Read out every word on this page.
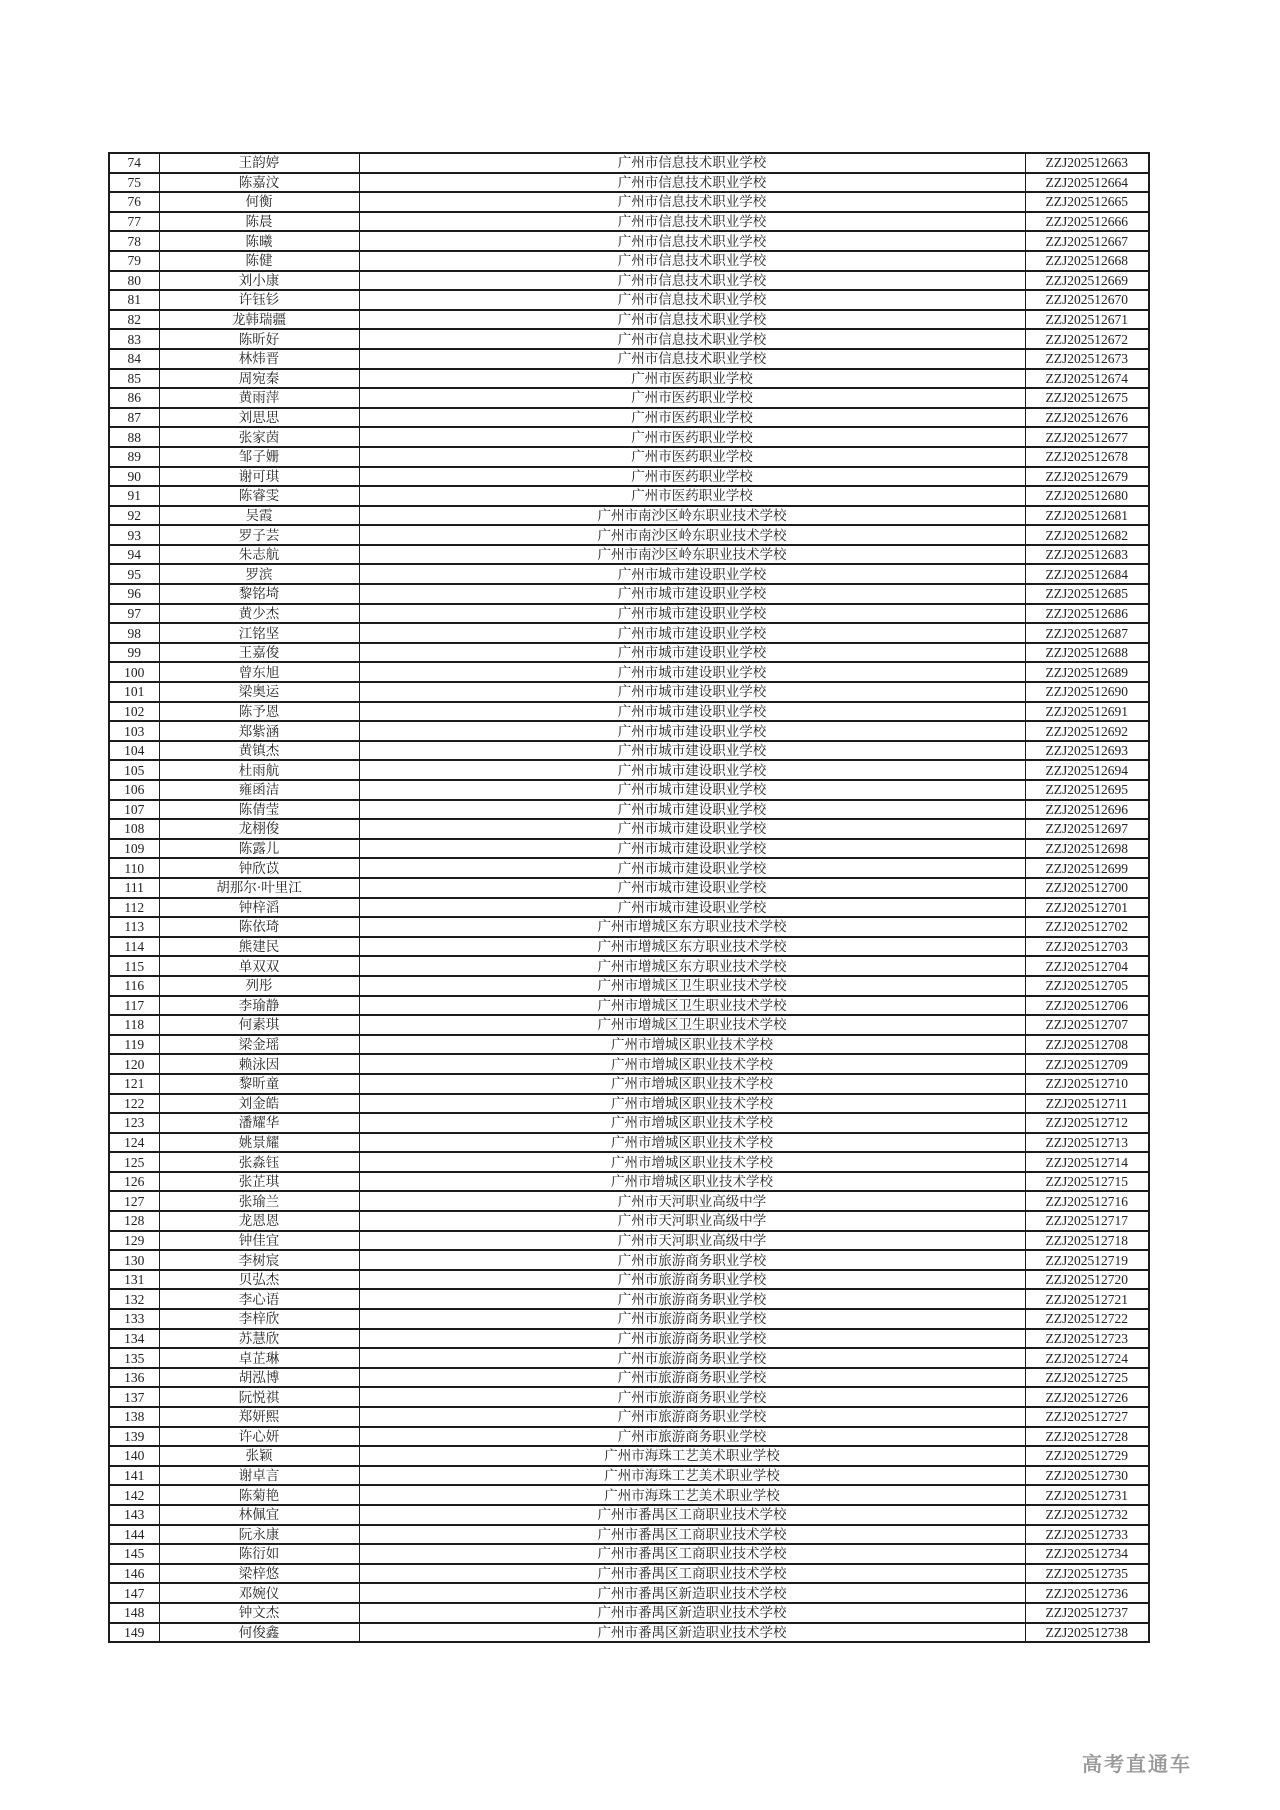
74	王韵婷	广州市信息技术职业学校	ZZJ202512663
75	陈嘉汶	广州市信息技术职业学校	ZZJ202512664
76	何衡	广州市信息技术职业学校	ZZJ202512665
77	陈晨	广州市信息技术职业学校	ZZJ202512666
78	陈曦	广州市信息技术职业学校	ZZJ202512667
79	陈健	广州市信息技术职业学校	ZZJ202512668
80	刘小康	广州市信息技术职业学校	ZZJ202512669
81	许钰钐	广州市信息技术职业学校	ZZJ202512670
82	龙韩瑞疆	广州市信息技术职业学校	ZZJ202512671
83	陈昕好	广州市信息技术职业学校	ZZJ202512672
84	林炜晋	广州市信息技术职业学校	ZZJ202512673
85	周宛秦	广州市医药职业学校	ZZJ202512674
86	黄雨萍	广州市医药职业学校	ZZJ202512675
87	刘思思	广州市医药职业学校	ZZJ202512676
88	张家茵	广州市医药职业学校	ZZJ202512677
89	邹子姗	广州市医药职业学校	ZZJ202512678
90	谢可琪	广州市医药职业学校	ZZJ202512679
91	陈睿雯	广州市医药职业学校	ZZJ202512680
92	吴霞	广州市南沙区岭东职业技术学校	ZZJ202512681
93	罗子芸	广州市南沙区岭东职业技术学校	ZZJ202512682
94	朱志航	广州市南沙区岭东职业技术学校	ZZJ202512683
95	罗滨	广州市城市建设职业学校	ZZJ202512684
96	黎铭埼	广州市城市建设职业学校	ZZJ202512685
97	黄少杰	广州市城市建设职业学校	ZZJ202512686
98	江铭坚	广州市城市建设职业学校	ZZJ202512687
99	王嘉俊	广州市城市建设职业学校	ZZJ202512688
100	曾东旭	广州市城市建设职业学校	ZZJ202512689
101	梁奥运	广州市城市建设职业学校	ZZJ202512690
102	陈予恩	广州市城市建设职业学校	ZZJ202512691
103	郑紫涵	广州市城市建设职业学校	ZZJ202512692
104	黄镇杰	广州市城市建设职业学校	ZZJ202512693
105	杜雨航	广州市城市建设职业学校	ZZJ202512694
106	雍函洁	广州市城市建设职业学校	ZZJ202512695
107	陈倩莹	广州市城市建设职业学校	ZZJ202512696
108	龙栩俊	广州市城市建设职业学校	ZZJ202512697
109	陈露儿	广州市城市建设职业学校	ZZJ202512698
110	钟欣苡	广州市城市建设职业学校	ZZJ202512699
111	胡那尔·叶里江	广州市城市建设职业学校	ZZJ202512700
112	钟梓滔	广州市城市建设职业学校	ZZJ202512701
113	陈依琦	广州市增城区东方职业技术学校	ZZJ202512702
114	熊建民	广州市增城区东方职业技术学校	ZZJ202512703
115	单双双	广州市增城区东方职业技术学校	ZZJ202512704
116	列彤	广州市增城区卫生职业技术学校	ZZJ202512705
117	李瑜静	广州市增城区卫生职业技术学校	ZZJ202512706
118	何素琪	广州市增城区卫生职业技术学校	ZZJ202512707
119	梁金瑶	广州市增城区职业技术学校	ZZJ202512708
120	赖泳因	广州市增城区职业技术学校	ZZJ202512709
121	黎昕童	广州市增城区职业技术学校	ZZJ202512710
122	刘金皓	广州市增城区职业技术学校	ZZJ202512711
123	潘耀华	广州市增城区职业技术学校	ZZJ202512712
124	姚景耀	广州市增城区职业技术学校	ZZJ202512713
125	张淼钰	广州市增城区职业技术学校	ZZJ202512714
126	张芷琪	广州市增城区职业技术学校	ZZJ202512715
127	张瑜兰	广州市天河职业高级中学	ZZJ202512716
128	龙恩恩	广州市天河职业高级中学	ZZJ202512717
129	钟佳宜	广州市天河职业高级中学	ZZJ202512718
130	李树宸	广州市旅游商务职业学校	ZZJ202512719
131	贝弘杰	广州市旅游商务职业学校	ZZJ202512720
132	李心语	广州市旅游商务职业学校	ZZJ202512721
133	李梓欣	广州市旅游商务职业学校	ZZJ202512722
134	苏慧欣	广州市旅游商务职业学校	ZZJ202512723
135	卓芷琳	广州市旅游商务职业学校	ZZJ202512724
136	胡泓博	广州市旅游商务职业学校	ZZJ202512725
137	阮悦祺	广州市旅游商务职业学校	ZZJ202512726
138	郑妍熙	广州市旅游商务职业学校	ZZJ202512727
139	许心妍	广州市旅游商务职业学校	ZZJ202512728
140	张颖	广州市海珠工艺美术职业学校	ZZJ202512729
141	谢卓言	广州市海珠工艺美术职业学校	ZZJ202512730
142	陈菊艳	广州市海珠工艺美术职业学校	ZZJ202512731
143	林佩宜	广州市番禺区工商职业技术学校	ZZJ202512732
144	阮永康	广州市番禺区工商职业技术学校	ZZJ202512733
145	陈衍如	广州市番禺区工商职业技术学校	ZZJ202512734
146	梁梓悠	广州市番禺区工商职业技术学校	ZZJ202512735
147	邓婉仪	广州市番禺区新造职业技术学校	ZZJ202512736
148	钟文杰	广州市番禺区新造职业技术学校	ZZJ202512737
149	何俊鑫	广州市番禺区新造职业技术学校	ZZJ202512738
高考直通车
